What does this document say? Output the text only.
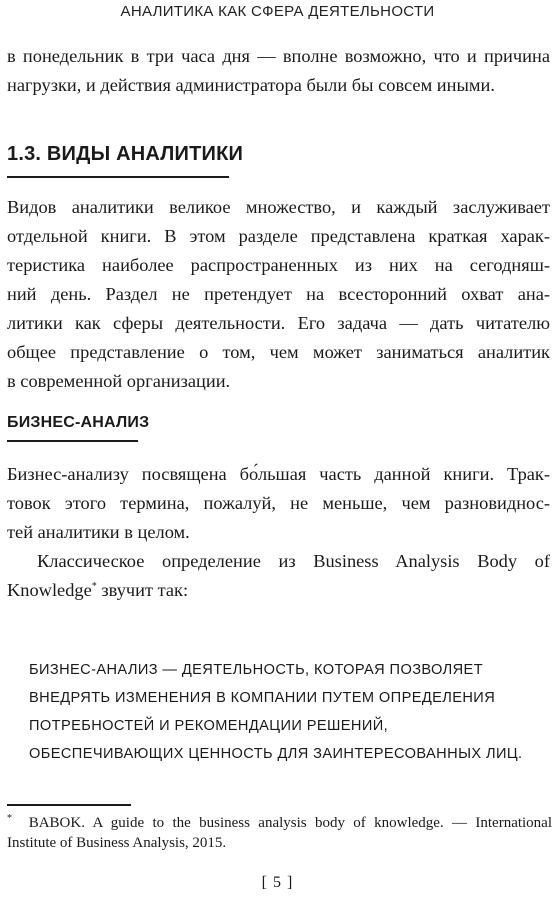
АНАЛИТИКА КАК СФЕРА ДЕЯТЕЛЬНОСТИ

в понедельник в три часа дня — вполне возможно, что и причина
нагрузки, и действия администратора были бы совсем иными.

1.3. ВИДЫ АНАЛИТИКИ

Видов аналитики великое множество, и каждый заслуживает
отдельной книги. В этом разделе представлена краткая харак-
теристика наиболее распространенных из них на сегодняш-
ний день. Раздел не претендует на всесторонний охват ана-
литики как сферы деятельности. Его задача — дать читателю
общее представление о том, чем может заниматься аналитик
в современной организации.

БИЗНЕС-АНАЛИЗ

Бизнес-анализу посвящена бо́льшая часть данной книги. Трак-
товок этого термина, пожалуй, не меньше, чем разновиднос-
тей аналитики в целом.

Классическое определение из Business Analysis Body of
Knowledge* звучит так:

БИЗНЕС-АНАЛИЗ — ДЕЯТЕЛЬНОСТЬ, КОТОРАЯ ПОЗВОЛЯЕТ
ВНЕДРЯТЬ ИЗМЕНЕНИЯ В КОМПАНИИ ПУТЕМ ОПРЕДЕЛЕНИЯ
ПОТРЕБНОСТЕЙ И РЕКОМЕНДАЦИИ РЕШЕНИЙ,
ОБЕСПЕЧИВАЮЩИХ ЦЕННОСТЬ ДЛЯ ЗАИНТЕРЕСОВАННЫХ ЛИЦ.
* BABOK. A guide to the business analysis body of knowledge. — International
Institute of Business Analysis, 2015.
[ 5 ]
